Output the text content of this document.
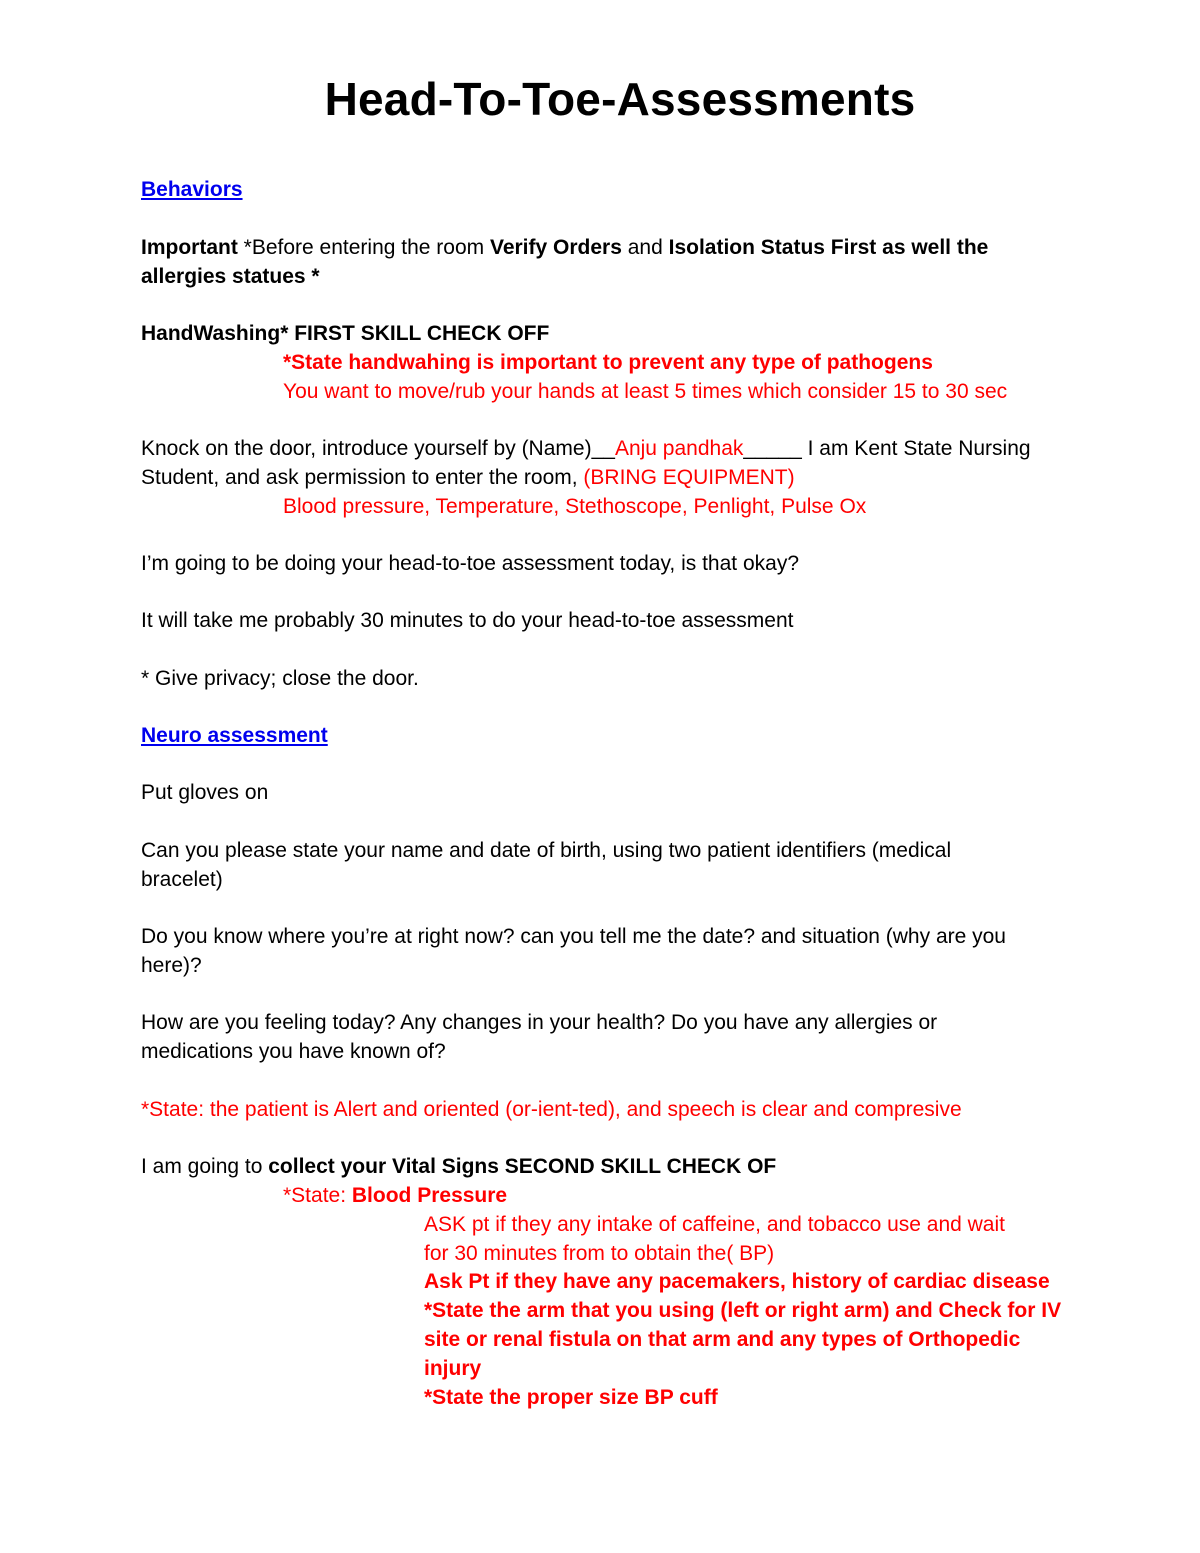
Head-To-Toe-Assessments
Behaviors
Important *Before entering the room Verify Orders and Isolation Status First as well the
allergies statues *
HandWashing* FIRST SKILL CHECK OFF
*State handwahing is important to prevent any type of pathogens
You want to move/rub your hands at least 5 times which consider 15 to 30 sec
Knock on the door, introduce yourself by (Name)__Anju pandhak_____ I am Kent State Nursing
Student, and ask permission to enter the room, (BRING EQUIPMENT)
Blood pressure, Temperature, Stethoscope, Penlight, Pulse Ox
I’m going to be doing your head-to-toe assessment today, is that okay?
It will take me probably 30 minutes to do your head-to-toe assessment
* Give privacy; close the door.
Neuro assessment
Put gloves on
Can you please state your name and date of birth, using two patient identifiers (medical
bracelet)
Do you know where you’re at right now? can you tell me the date? and situation (why are you
here)?
How are you feeling today? Any changes in your health? Do you have any allergies or
medications you have known of?
*State: the patient is Alert and oriented (or-ient-ted), and speech is clear and compresive
I am going to collect your Vital Signs SECOND SKILL CHECK OF
*State: Blood Pressure
ASK pt if they any intake of caffeine, and tobacco use and wait
for 30 minutes from to obtain the( BP)
Ask Pt if they have any pacemakers, history of cardiac disease
*State the arm that you using (left or right arm) and Check for IV
site or renal fistula on that arm and any types of Orthopedic
injury
*State the proper size BP cuff
